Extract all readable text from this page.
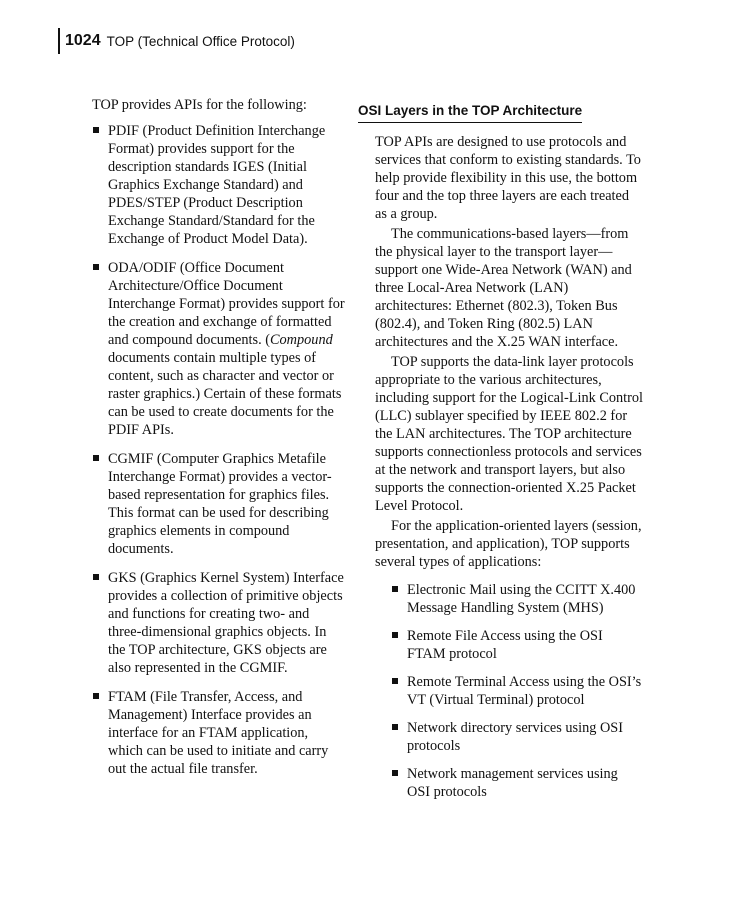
1024 TOP (Technical Office Protocol)

TOP provides APIs for the following:

PDIF (Product Definition Interchange Format) provides support for the description standards IGES (Initial Graphics Exchange Standard) and PDES/STEP (Product Description Exchange Standard/Standard for the Exchange of Product Model Data).
ODA/ODIF (Office Document Architecture/Office Document Interchange Format) provides support for the creation and exchange of formatted and compound documents. (Compound documents contain multiple types of content, such as character and vector or raster graphics.) Certain of these formats can be used to create documents for the PDIF APIs.
CGMIF (Computer Graphics Metafile Interchange Format) provides a vector-based representation for graphics files. This format can be used for describing graphics elements in compound documents.
GKS (Graphics Kernel System) Interface provides a collection of primitive objects and functions for creating two- and three-dimensional graphics objects. In the TOP architecture, GKS objects are also represented in the CGMIF.
FTAM (File Transfer, Access, and Management) Interface provides an interface for an FTAM application, which can be used to initiate and carry out the actual file transfer.
OSI Layers in the TOP Architecture

TOP APIs are designed to use protocols and services that conform to existing standards. To help provide flexibility in this use, the bottom four and the top three layers are each treated as a group.

The communications-based layers—from the physical layer to the transport layer—support one Wide-Area Network (WAN) and three Local-Area Network (LAN) architectures: Ethernet (802.3), Token Bus (802.4), and Token Ring (802.5) LAN architectures and the X.25 WAN interface.

TOP supports the data-link layer protocols appropriate to the various architectures, including support for the Logical-Link Control (LLC) sublayer specified by IEEE 802.2 for the LAN architectures. The TOP architecture supports connectionless protocols and services at the network and transport layers, but also supports the connection-oriented X.25 Packet Level Protocol.

For the application-oriented layers (session, presentation, and application), TOP supports several types of applications:

Electronic Mail using the CCITT X.400 Message Handling System (MHS)
Remote File Access using the OSI FTAM protocol
Remote Terminal Access using the OSI’s VT (Virtual Terminal) protocol
Network directory services using OSI protocols
Network management services using OSI protocols
